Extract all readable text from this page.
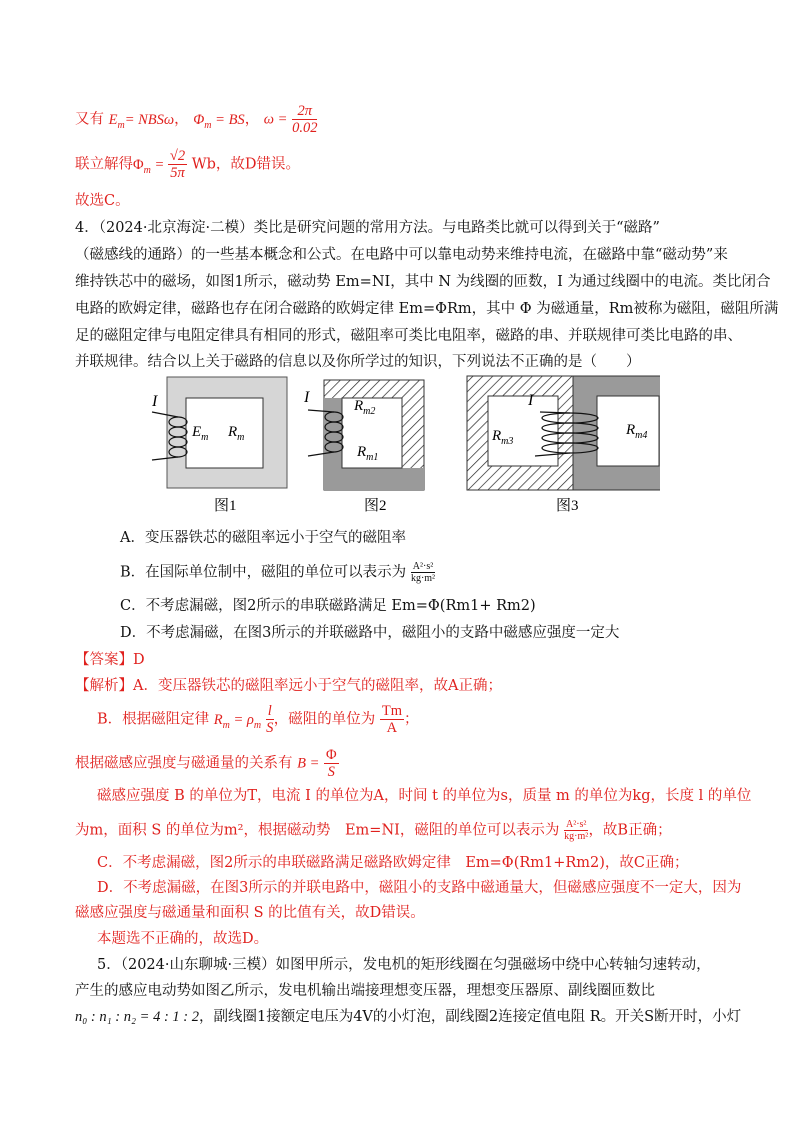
又有 $E_m= NBS\omega$， $\Phi_m$ = BS， $\omega = \frac{2\pi}{0.02}$
联立解得$\Phi_m = \frac{√2}{5\pi}$ Wb，故D错误。
故选C。
4．（2024·北京海淀·二模）类比是研究问题的常用方法。与电路类比就可以得到关于“磁路”
（磁感线的通路）的一些基本概念和公式。在电路中可以靠电动势来维持电流，在磁路中靠“磁动势”来
维持铁芯中的磁场，如图1所示，磁动势 Em=NI，其中 N 为线圈的匝数，I 为通过线圈中的电流。类比闭合
电路的欧姆定律，磁路也存在闭合磁路的欧姆定律 Em=ΦRm，其中 Φ 为磁通量，Rm被称为磁阻，磁阻所满
足的磁阻定律与电阻定律具有相同的形式，磁阻率可类比电阻率，磁路的串、并联规律可类比电路的串、
并联规律。结合以上关于磁路的信息以及你所学过的知识，下列说法不正确的是（　　）
I
$E_m$ $R_m$
图1
I	$R_{m2}$
$R_{m1}$
图2
I
$R_{m3}$
$R_{m4}$
图3
A．变压器铁芯的磁阻率远小于空气的磁阻率
B．在国际单位制中，磁阻的单位可以表示为 $\frac{\text{A²·s²}}{\text{kg·m²}}$
C．不考虑漏磁，图2所示的串联磁路满足 Em=Φ(Rm1+ Rm2)
D．不考虑漏磁，在图3所示的并联磁路中，磁阻小的支路中磁感应强度一定大
【答案】D
【解析】A．变压器铁芯的磁阻率远小于空气的磁阻率，故A正确；
B．根据磁阻定律 $R_m = \rho_m \frac{l}{S}$ ，磁阻的单位为 $\frac{Tm}{A}$ ；
根据磁感应强度与磁通量的关系有 $B = \frac{\Phi}{S}$
磁感应强度 B 的单位为T，电流 I 的单位为A，时间 t 的单位为s，质量 m 的单位为kg，长度 l 的单位
为m，面积 S 的单位为m²，根据磁动势　Em=NI，磁阻的单位可以表示为 $\frac{\text{A²·s²}}{\text{kg·m²}}$ ，故B正确；
C．不考虑漏磁，图2所示的串联磁路满足磁路欧姆定律　Em=Φ(Rm1+Rm2)，故C正确；
D．不考虑漏磁，在图3所示的并联电路中，磁阻小的支路中磁通量大，但磁感应强度不一定大，因为
磁感应强度与磁通量和面积 S 的比值有关，故D错误。
本题选不正确的，故选D。
5．（2024·山东聊城·三模）如图甲所示，发电机的矩形线圈在匀强磁场中绕中心转轴匀速转动，
产生的感应电动势如图乙所示，发电机输出端接理想变压器，理想变压器原、副线圈匝数比
n₀ : n₁ : n₂ = 4 : 1 : 2，副线圈1接额定电压为4V的小灯泡，副线圈2连接定值电阻 R。开关S断开时，小灯
